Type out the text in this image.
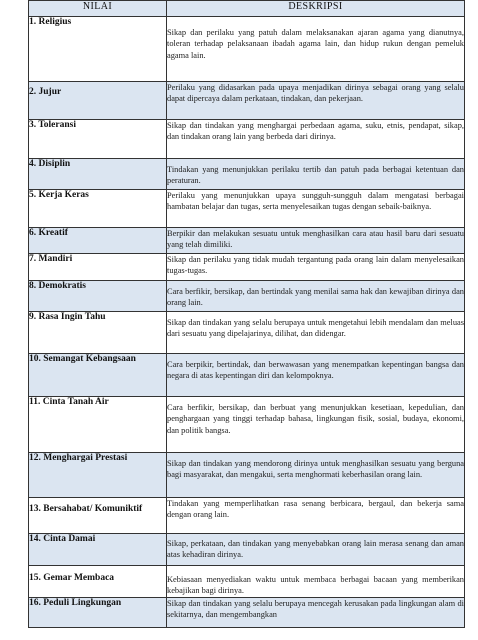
NILAI	DESKRIPSI
1. Religius	Sikap dan perilaku yang patuh dalam melaksanakan ajaran agama yang dianutnya, toleran terhadap pelaksanaan ibadah agama lain, dan hidup rukun dengan pemeluk agama lain.
2. Jujur	Perilaku yang didasarkan pada upaya menjadikan dirinya sebagai orang yang selalu dapat dipercaya dalam perkataan, tindakan, dan pekerjaan.
3. Toleransi	Sikap dan tindakan yang menghargai perbedaan agama, suku, etnis, pendapat, sikap, dan tindakan orang lain yang berbeda dari dirinya.
4. Disiplin	Tindakan yang menunjukkan perilaku tertib dan patuh pada berbagai ketentuan dan peraturan.
5. Kerja Keras	Perilaku yang menunjukkan upaya sungguh-sungguh dalam mengatasi berbagai hambatan belajar dan tugas, serta menyelesaikan tugas dengan sebaik-baiknya.
6. Kreatif	Berpikir dan melakukan sesuatu untuk menghasilkan cara atau hasil baru dari sesuatu yang telah dimiliki.
7. Mandiri	Sikap dan perilaku yang tidak mudah tergantung pada orang lain dalam menyelesaikan tugas-tugas.
8. Demokratis	Cara berfikir, bersikap, dan bertindak yang menilai sama hak dan kewajiban dirinya dan orang lain.
9. Rasa Ingin Tahu	Sikap dan tindakan yang selalu berupaya untuk mengetahui lebih mendalam dan meluas dari sesuatu yang dipelajarinya, dilihat, dan didengar.
10. Semangat Kebangsaan	Cara berpikir, bertindak, dan berwawasan yang menempatkan kepentingan bangsa dan negara di atas kepentingan diri dan kelompoknya.
11. Cinta Tanah Air	Cara berfikir, bersikap, dan berbuat yang menunjukkan kesetiaan, kepedulian, dan penghargaan yang tinggi terhadap bahasa, lingkungan fisik, sosial, budaya, ekonomi, dan politik bangsa.
12. Menghargai Prestasi	Sikap dan tindakan yang mendorong dirinya untuk menghasilkan sesuatu yang berguna bagi masyarakat, dan mengakui, serta menghormati keberhasilan orang lain.
13. Bersahabat/ Komuniktif	Tindakan yang memperlihatkan rasa senang berbicara, bergaul, dan bekerja sama dengan orang lain.
14. Cinta Damai	Sikap, perkataan, dan tindakan yang menyebabkan orang lain merasa senang dan aman atas kehadiran dirinya.
15. Gemar Membaca	Kebiasaan menyediakan waktu untuk membaca berbagai bacaan yang memberikan kebajikan bagi dirinya.
16. Peduli Lingkungan	Sikap dan tindakan yang selalu berupaya mencegah kerusakan pada lingkungan alam di sekitarnya, dan mengembangkan
